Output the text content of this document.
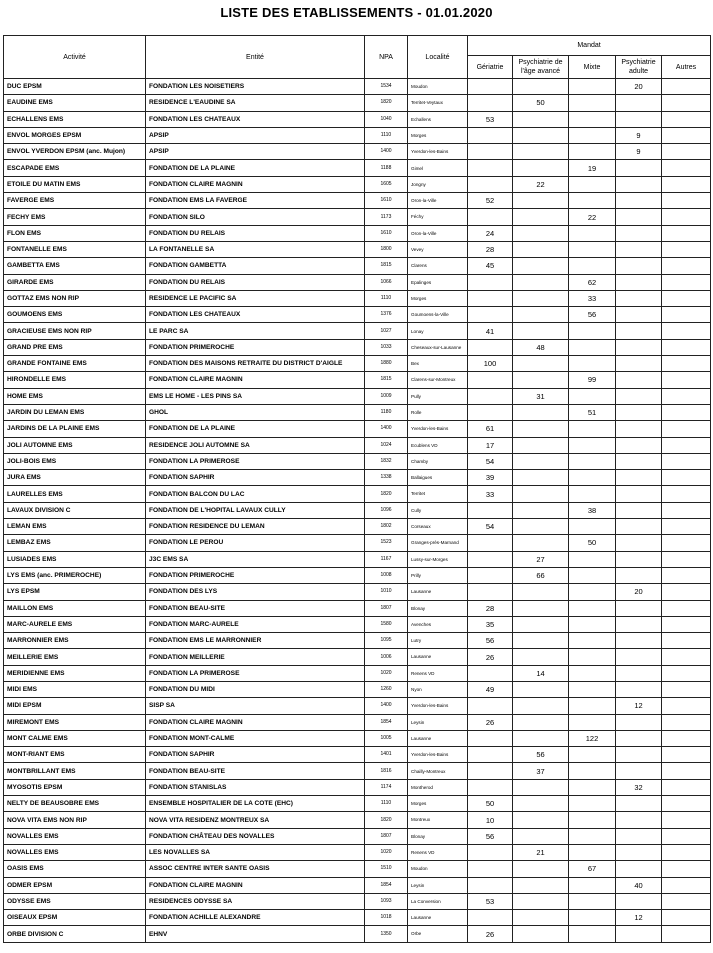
LISTE DES ETABLISSEMENTS - 01.01.2020
Activité	Entité	NPA	Localité	Mandat				
				Gériatrie	Psychiatrie de l'âge avancé	Mixte	Psychiatrie adulte	Autres
DUC EPSM	FONDATION LES NOISETIERS	1534	Moudon				20	
EAUDINE EMS	RESIDENCE L'EAUDINE SA	1820	Territet-Veytaux		50			
ECHALLENS EMS	FONDATION LES CHATEAUX	1040	Echallens	53				
ENVOL MORGES EPSM	APSIP	1110	Morges				9	
ENVOL YVERDON EPSM (anc. Mujon)	APSIP	1400	Yverdon-les-Bains				9	
ESCAPADE EMS	FONDATION DE LA PLAINE	1188	Gimel			19		
ETOILE DU MATIN EMS	FONDATION CLAIRE MAGNIN	1605	Jongny		22			
FAVERGE EMS	FONDATION EMS LA FAVERGE	1610	Oron-la-Ville	52				
FECHY EMS	FONDATION SILO	1173	Féchy			22		
FLON EMS	FONDATION DU RELAIS	1610	Oron-la-Ville	24				
FONTANELLE EMS	LA FONTANELLE SA	1800	Vevey	28				
GAMBETTA EMS	FONDATION GAMBETTA	1815	Clarens	45				
GIRARDE EMS	FONDATION DU RELAIS	1066	Epalinges			62		
GOTTAZ EMS NON RIP	RESIDENCE LE PACIFIC SA	1110	Morges			33		
GOUMOENS EMS	FONDATION LES CHATEAUX	1376	Goumoens-la-Ville			56		
GRACIEUSE EMS NON RIP	LE PARC SA	1027	Lonay	41				
GRAND PRE EMS	FONDATION PRIMEROCHE	1033	Cheseaux-sur-Lausanne		48			
GRANDE FONTAINE EMS	FONDATION DES MAISONS RETRAITE DU DISTRICT D'AIGLE	1880	Bex	100				
HIRONDELLE EMS	FONDATION CLAIRE MAGNIN	1815	Clarens-sur-Montreux			99		
HOME EMS	EMS LE HOME - LES PINS SA	1009	Pully		31			
JARDIN DU LEMAN EMS	GHOL	1180	Rolle			51		
JARDINS DE LA PLAINE EMS	FONDATION DE LA PLAINE	1400	Yverdon-les-Bains	61				
JOLI AUTOMNE EMS	RESIDENCE JOLI AUTOMNE SA	1024	Ecublens VD	17				
JOLI-BOIS EMS	FONDATION LA PRIMEROSE	1832	Chamby	54				
JURA EMS	FONDATION SAPHIR	1338	Ballaigues	39				
LAURELLES EMS	FONDATION BALCON DU LAC	1820	Territet	33				
LAVAUX DIVISION C	FONDATION DE L'HOPITAL LAVAUX CULLY	1096	Cully			38		
LEMAN EMS	FONDATION RESIDENCE DU LEMAN	1802	Corseaux	54				
LEMBAZ EMS	FONDATION LE PEROU	1523	Granges-près-Marnand			50		
LUSIADES EMS	J3C EMS SA	1167	Lussy-sur-Morges		27			
LYS EMS (anc. PRIMEROCHE)	FONDATION PRIMEROCHE	1008	Prilly		66			
LYS EPSM	FONDATION DES LYS	1010	Lausanne				20	
MAILLON EMS	FONDATION BEAU-SITE	1807	Blonay	28				
MARC-AURELE EMS	FONDATION MARC-AURELE	1580	Avenches	35				
MARRONNIER EMS	FONDATION EMS LE MARRONNIER	1095	Lutry	56				
MEILLERIE EMS	FONDATION MEILLERIE	1006	Lausanne	26				
MERIDIENNE EMS	FONDATION LA PRIMEROSE	1020	Renens VD		14			
MIDI EMS	FONDATION DU MIDI	1260	Nyon	49				
MIDI EPSM	SISP SA	1400	Yverdon-les-Bains				12	
MIREMONT EMS	FONDATION CLAIRE MAGNIN	1854	Leysin	26				
MONT CALME EMS	FONDATION MONT-CALME	1005	Lausanne			122		
MONT-RIANT EMS	FONDATION SAPHIR	1401	Yverdon-les-Bains		56			
MONTBRILLANT EMS	FONDATION BEAU-SITE	1816	Chailly-Montreux		37			
MYOSOTIS EPSM	FONDATION STANISLAS	1174	Montherod				32	
NELTY DE BEAUSOBRE EMS	ENSEMBLE HOSPITALIER DE LA COTE (EHC)	1110	Morges	50				
NOVA VITA EMS NON RIP	NOVA VITA RESIDENZ MONTREUX SA	1820	Montreux	10				
NOVALLES EMS	FONDATION CHÂTEAU DES NOVALLES	1807	Blonay	56				
NOVALLES EMS	LES NOVALLES SA	1020	Renens VD		21			
OASIS EMS	ASSOC CENTRE INTER SANTE OASIS	1510	Moudon			67		
ODMER EPSM	FONDATION CLAIRE MAGNIN	1854	Leysin				40	
ODYSSE EMS	RESIDENCES ODYSSE SA	1093	La Conversion	53				
OISEAUX EPSM	FONDATION ACHILLE ALEXANDRE	1018	Lausanne				12	
ORBE DIVISION C	EHNV	1350	Orbe	26				
